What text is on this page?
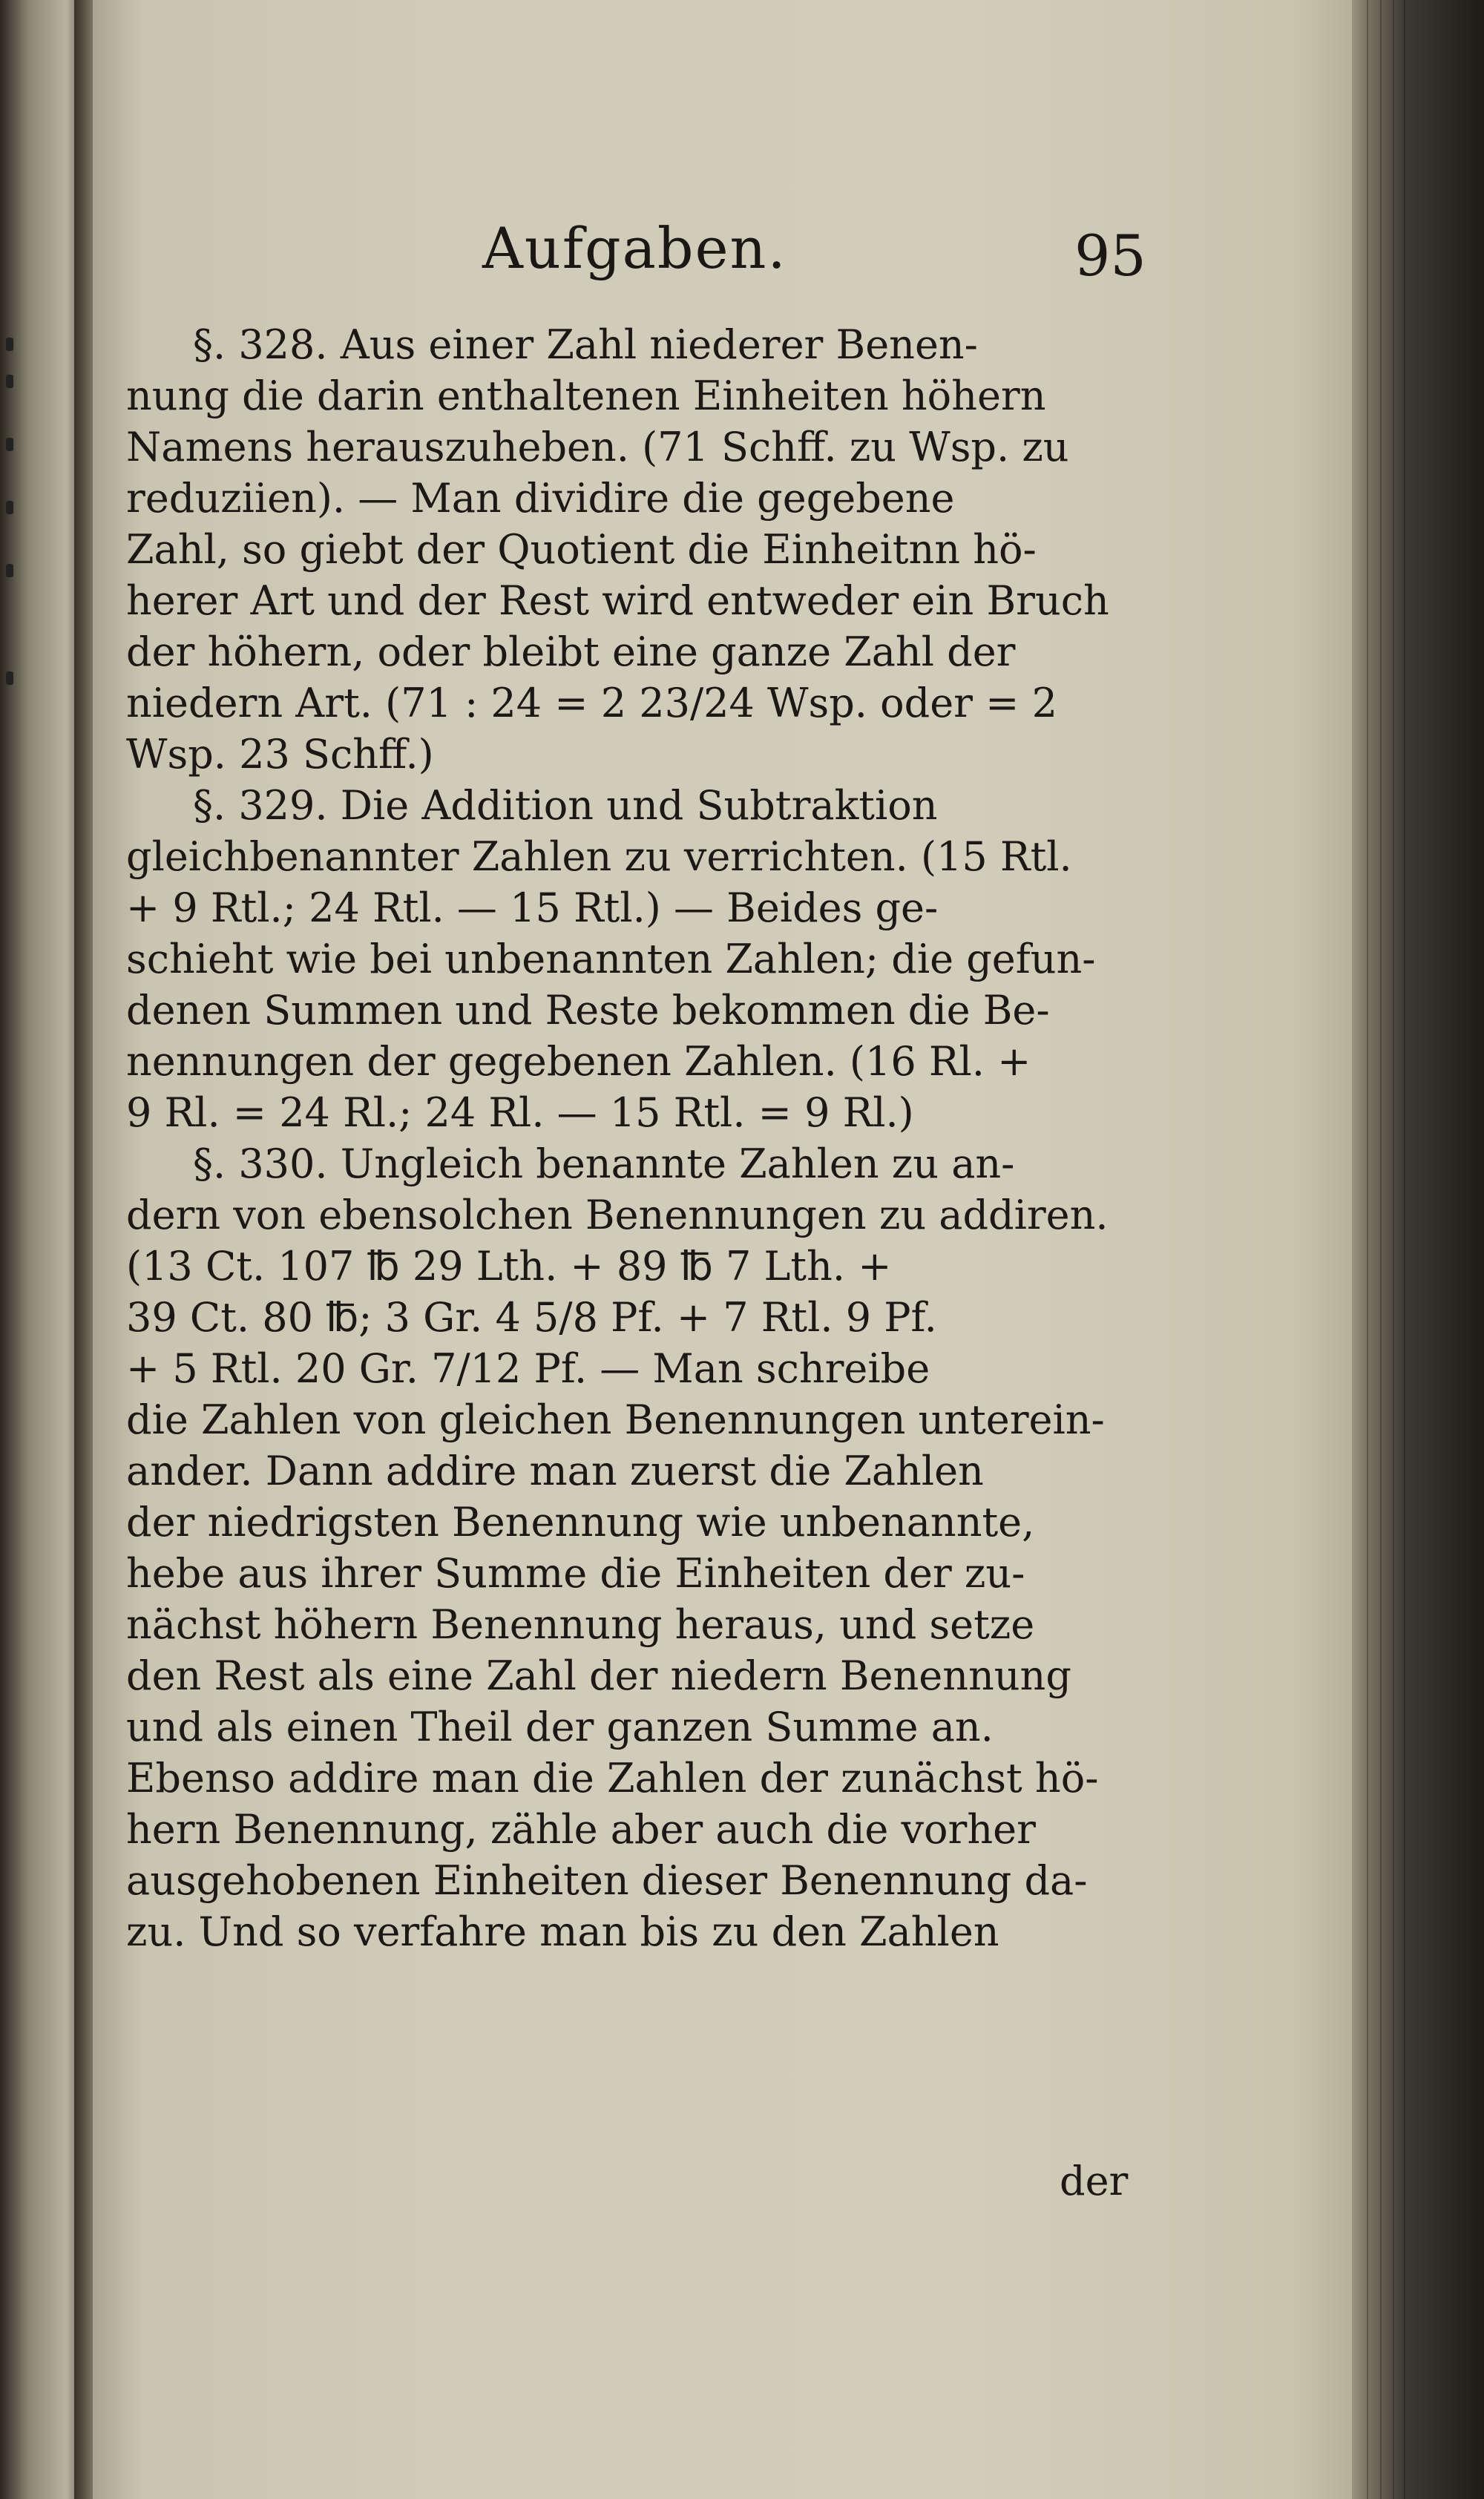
Aufgaben.	95
§. 328. Aus einer Zahl niederer Benen-
nung die darin enthaltenen Einheiten höhern
Namens herauszuheben. (71 Schff. zu Wsp. zu
reduziien). — Man dividire die gegebene
Zahl, so giebt der Quotient die Einheitnn hö-
herer Art und der Rest wird entweder ein Bruch
der höhern, oder bleibt eine ganze Zahl der
niedern Art. (71 : 24 = 2 23/24 Wsp. oder = 2
Wsp. 23 Schff.)
§. 329. Die Addition und Subtraktion
gleichbenannter Zahlen zu verrichten. (15 Rtl.
+ 9 Rtl.; 24 Rtl. — 15 Rtl.) — Beides ge-
schieht wie bei unbenannten Zahlen; die gefun-
denen Summen und Reste bekommen die Be-
nennungen der gegebenen Zahlen. (16 Rl. +
9 Rl. = 24 Rl.; 24 Rl. — 15 Rtl. = 9 Rl.)
§. 330. Ungleich benannte Zahlen zu an-
dern von ebensolchen Benennungen zu addiren.
(13 Ct. 107 ℔ 29 Lth. + 89 ℔ 7 Lth. +
39 Ct. 80 ℔; 3 Gr. 4 5/8 Pf. + 7 Rtl. 9 Pf.
+ 5 Rtl. 20 Gr. 7/12 Pf. — Man schreibe
die Zahlen von gleichen Benennungen unterein-
ander. Dann addire man zuerst die Zahlen
der niedrigsten Benennung wie unbenannte,
hebe aus ihrer Summe die Einheiten der zu-
nächst höhern Benennung heraus, und setze
den Rest als eine Zahl der niedern Benennung
und als einen Theil der ganzen Summe an.
Ebenso addire man die Zahlen der zunächst hö-
hern Benennung, zähle aber auch die vorher
ausgehobenen Einheiten dieser Benennung da-
zu. Und so verfahre man bis zu den Zahlen
der
